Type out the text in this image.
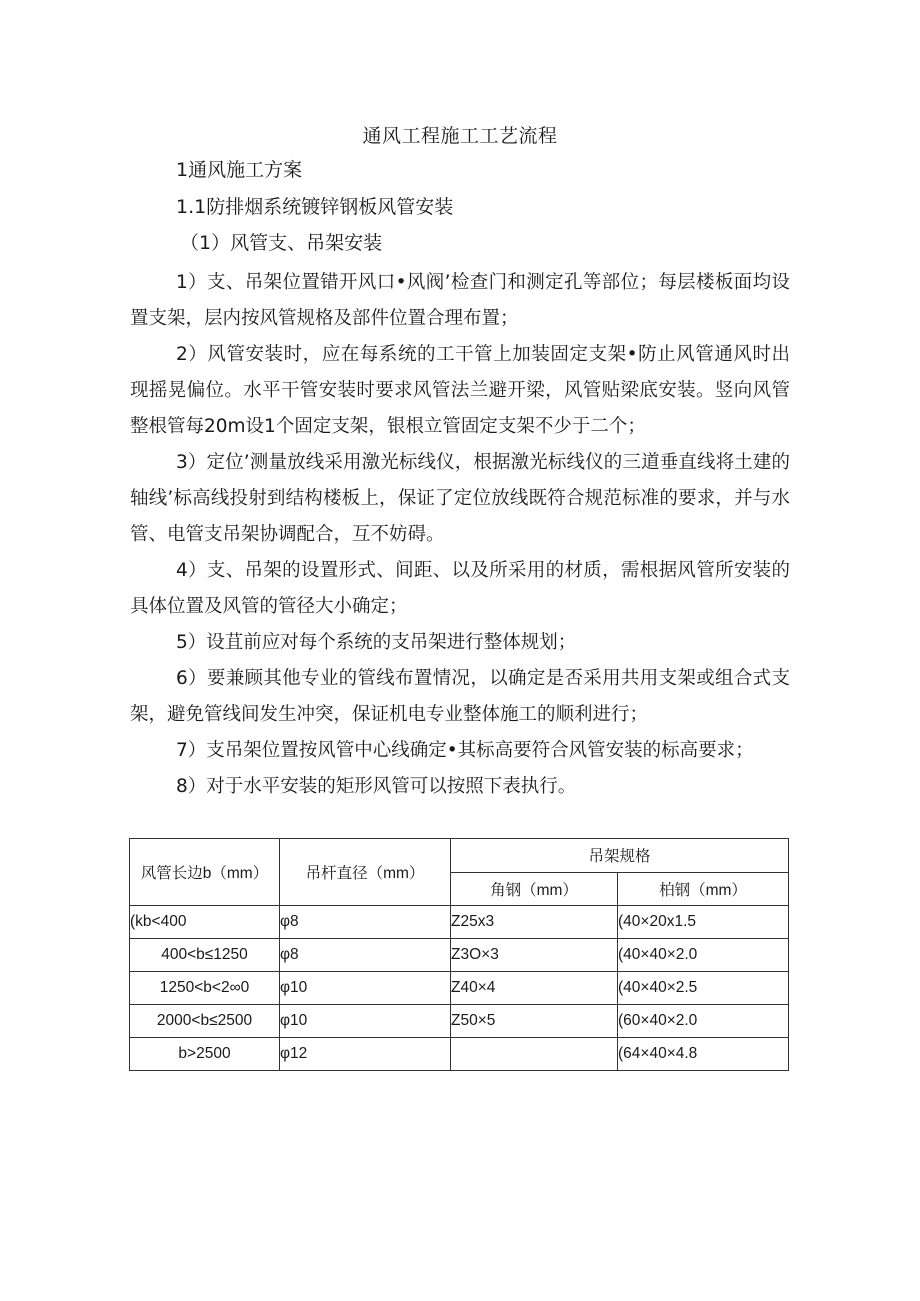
通风工程施工工艺流程
1通风施工方案
1.1防排烟系统镀锌钢板风管安装
（1）风管支、吊架安装

1）支、吊架位置错开风口•风阀’检查门和测定孔等部位；每层楼板面均设置支架，层内按风管规格及部件位置合理布置；

2）风管安装时，应在每系统的工干管上加装固定支架•防止风管通风时出现摇晃偏位。水平干管安装时要求风管法兰避开梁，风管贴梁底安装。竖向风管整根管每20m设1个固定支架，银根立管固定支架不少于二个；

3）定位’测量放线采用激光标线仪，根据激光标线仪的三道垂直线将土建的轴线’标高线投射到结构楼板上，保证了定位放线既符合规范标准的要求，并与水管、电管支吊架协调配合，互不妨碍。

4）支、吊架的设置形式、间距、以及所采用的材质，需根据风管所安装的具体位置及风管的管径大小确定；

5）设苴前应对每个系统的支吊架进行整体规划；

6）要兼顾其他专业的管线布置情况，以确定是否采用共用支架或组合式支架，避免管线间发生冲突，保证机电专业整体施工的顺利进行；

7）支吊架位置按风管中心线确定•其标高要符合风管安装的标高要求；

8）对于水平安装的矩形风管可以按照下表执行。

风管长边b（mm）	吊杆直径（mm）	吊架规格	
		角钢（mm）	柏钢（mm）
(kb<400	φ8	Z25x3	(40×20x1.5
400<b≤1250	φ8	Z3O×3	(40×40×2.0
1250<b<2∞0	φ10	Z40×4	(40×40×2.5
2000<b≤2500	φ10	Z50×5	(60×40×2.0
b>2500	φ12		(64×40×4.8
